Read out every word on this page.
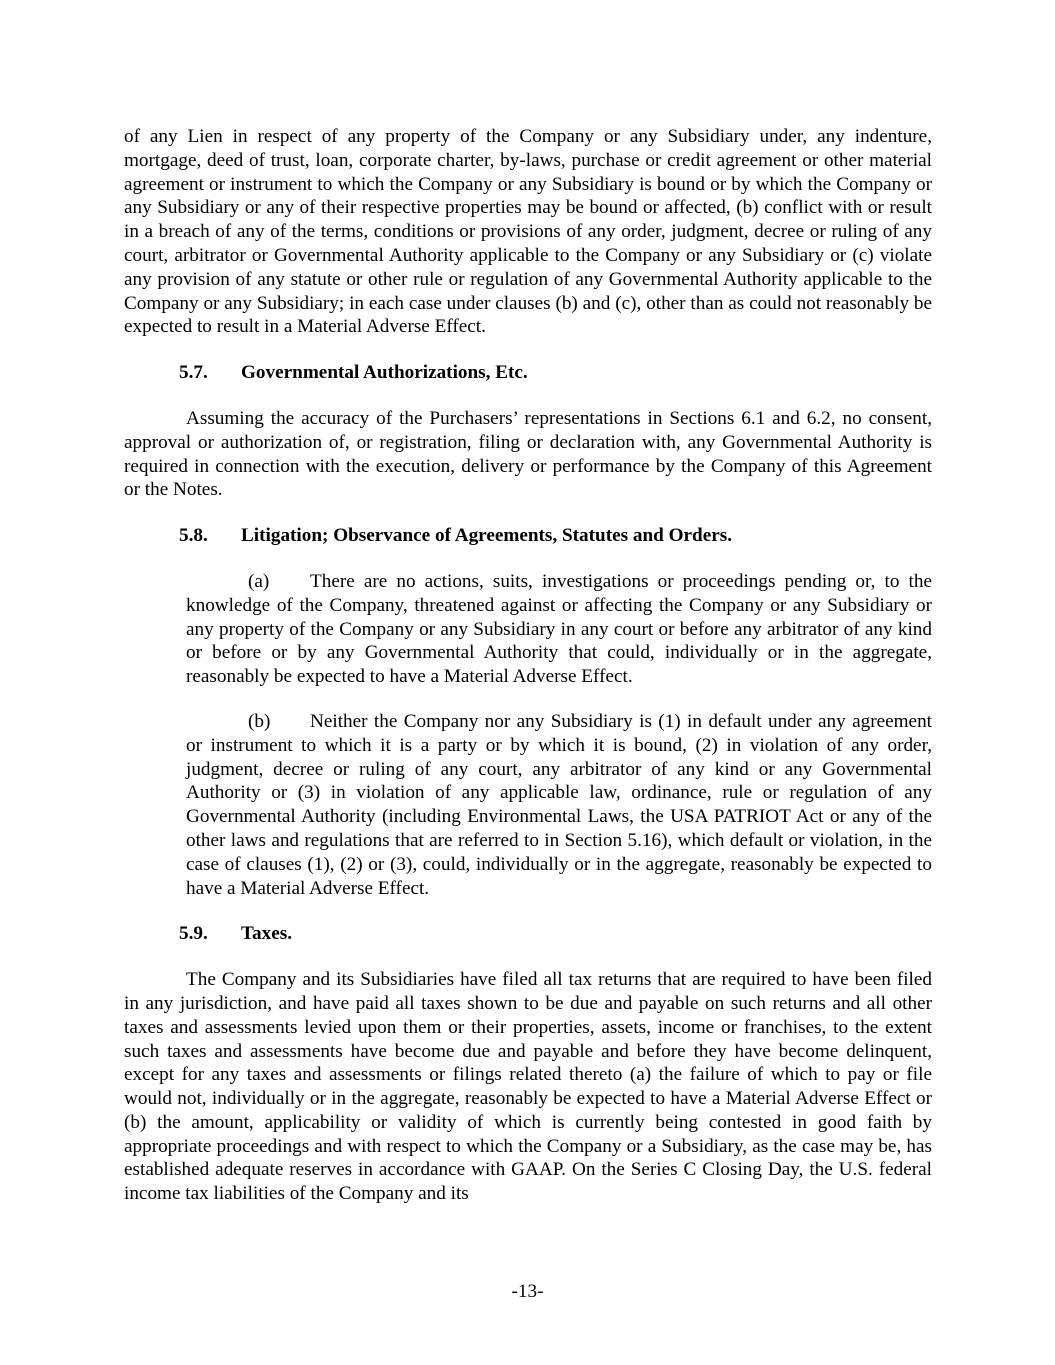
of any Lien in respect of any property of the Company or any Subsidiary under, any indenture, mortgage, deed of trust, loan, corporate charter, by-laws, purchase or credit agreement or other material agreement or instrument to which the Company or any Subsidiary is bound or by which the Company or any Subsidiary or any of their respective properties may be bound or affected, (b) conflict with or result in a breach of any of the terms, conditions or provisions of any order, judgment, decree or ruling of any court, arbitrator or Governmental Authority applicable to the Company or any Subsidiary or (c) violate any provision of any statute or other rule or regulation of any Governmental Authority applicable to the Company or any Subsidiary; in each case under clauses (b) and (c), other than as could not reasonably be expected to result in a Material Adverse Effect.

5.7. Governmental Authorizations, Etc.

Assuming the accuracy of the Purchasers’ representations in Sections 6.1 and 6.2, no consent, approval or authorization of, or registration, filing or declaration with, any Governmental Authority is required in connection with the execution, delivery or performance by the Company of this Agreement or the Notes.

5.8. Litigation; Observance of Agreements, Statutes and Orders.

(a) There are no actions, suits, investigations or proceedings pending or, to the knowledge of the Company, threatened against or affecting the Company or any Subsidiary or any property of the Company or any Subsidiary in any court or before any arbitrator of any kind or before or by any Governmental Authority that could, individually or in the aggregate, reasonably be expected to have a Material Adverse Effect.

(b) Neither the Company nor any Subsidiary is (1) in default under any agreement or instrument to which it is a party or by which it is bound, (2) in violation of any order, judgment, decree or ruling of any court, any arbitrator of any kind or any Governmental Authority or (3) in violation of any applicable law, ordinance, rule or regulation of any Governmental Authority (including Environmental Laws, the USA PATRIOT Act or any of the other laws and regulations that are referred to in Section 5.16), which default or violation, in the case of clauses (1), (2) or (3), could, individually or in the aggregate, reasonably be expected to have a Material Adverse Effect.

5.9. Taxes.

The Company and its Subsidiaries have filed all tax returns that are required to have been filed in any jurisdiction, and have paid all taxes shown to be due and payable on such returns and all other taxes and assessments levied upon them or their properties, assets, income or franchises, to the extent such taxes and assessments have become due and payable and before they have become delinquent, except for any taxes and assessments or filings related thereto (a) the failure of which to pay or file would not, individually or in the aggregate, reasonably be expected to have a Material Adverse Effect or (b) the amount, applicability or validity of which is currently being contested in good faith by appropriate proceedings and with respect to which the Company or a Subsidiary, as the case may be, has established adequate reserves in accordance with GAAP. On the Series C Closing Day, the U.S. federal income tax liabilities of the Company and its

-13-
